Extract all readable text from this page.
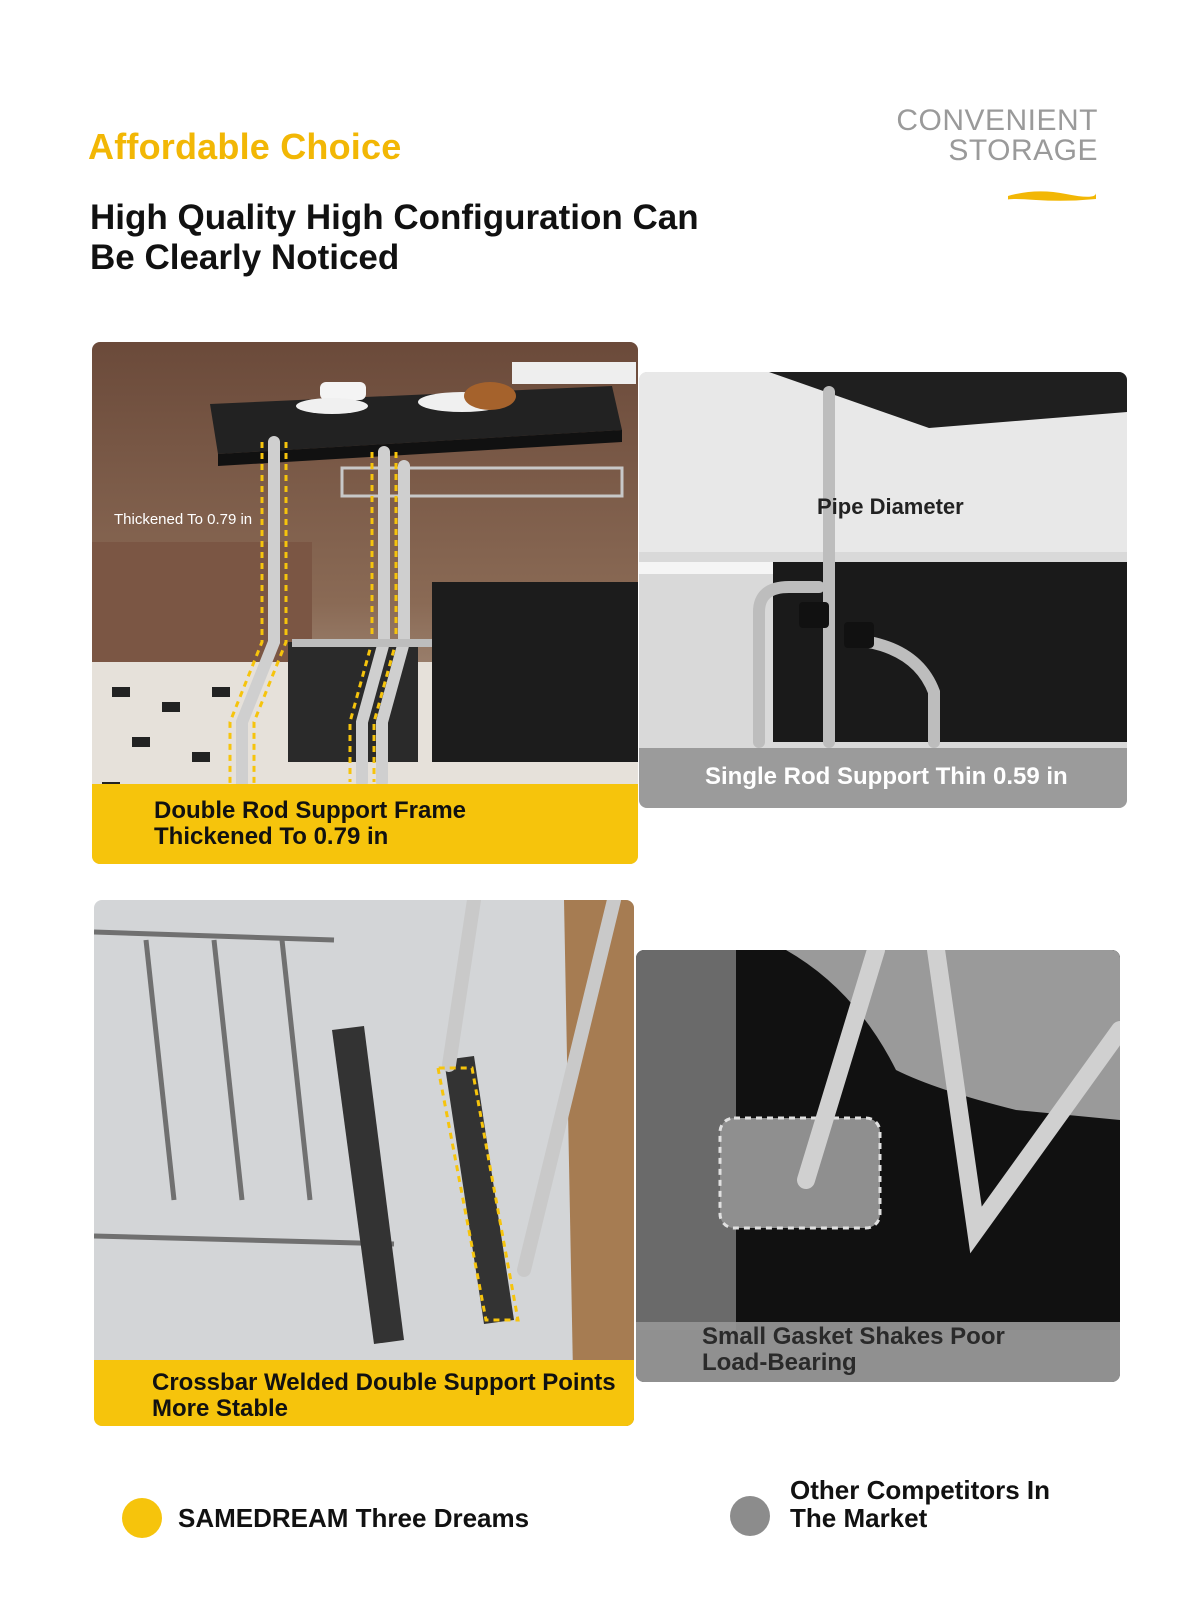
Affordable Choice
High Quality High Configuration Can Be Clearly Noticed
CONVENIENT
STORAGE
Thickened To 0.79 in
Double Rod Support Frame
Thickened To 0.79 in
Pipe Diameter
Single Rod Support Thin 0.59 in
Crossbar Welded Double Support Points
More Stable
Small Gasket Shakes Poor
Load-Bearing
SAMEDREAM Three Dreams
Other Competitors In
The Market
